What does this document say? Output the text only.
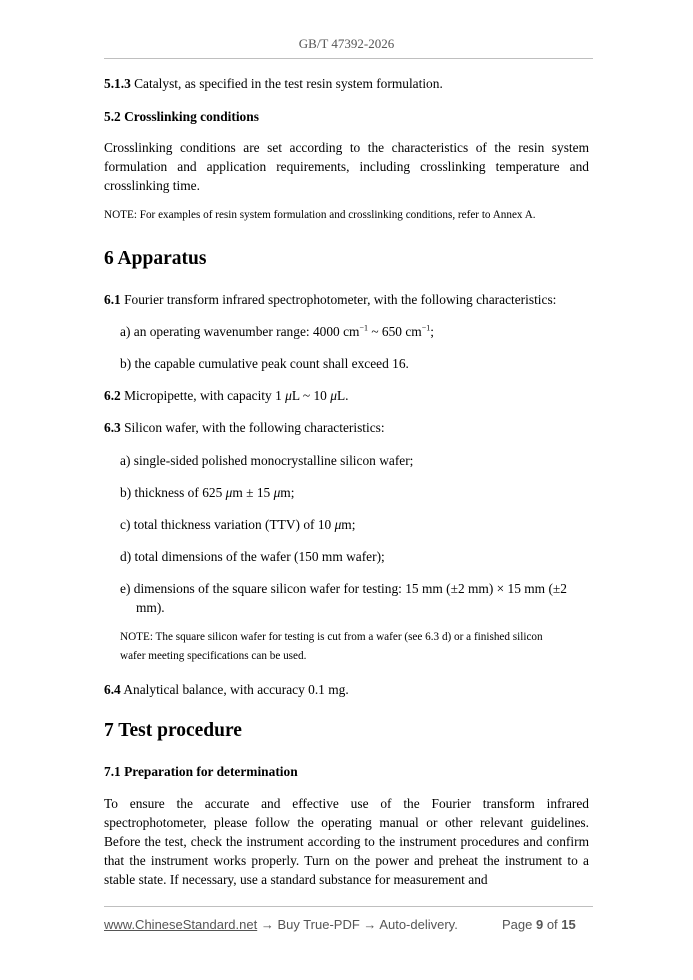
GB/T 47392-2026
5.1.3 Catalyst, as specified in the test resin system formulation.
5.2 Crosslinking conditions
Crosslinking conditions are set according to the characteristics of the resin system formulation and application requirements, including crosslinking temperature and crosslinking time.
NOTE: For examples of resin system formulation and crosslinking conditions, refer to Annex A.
6 Apparatus
6.1 Fourier transform infrared spectrophotometer, with the following characteristics:
a) an operating wavenumber range: 4000 $cm^{-1}$ ~ 650 $cm^{-1}$;
b) the capable cumulative peak count shall exceed 16.
6.2 Micropipette, with capacity 1 μL ~ 10 μL.
6.3 Silicon wafer, with the following characteristics:
a) single-sided polished monocrystalline silicon wafer;
b) thickness of 625 μm ± 15 μm;
c) total thickness variation (TTV) of 10 μm;
d) total dimensions of the wafer (150 mm wafer);
e) dimensions of the square silicon wafer for testing: 15 mm (±2 mm) × 15 mm (±2
mm).
NOTE: The square silicon wafer for testing is cut from a wafer (see 6.3 d) or a finished silicon
wafer meeting specifications can be used.
6.4 Analytical balance, with accuracy 0.1 mg.
7 Test procedure
7.1 Preparation for determination
To ensure the accurate and effective use of the Fourier transform infrared spectrophotometer, please follow the operating manual or other relevant guidelines. Before the test, check the instrument according to the instrument procedures and confirm that the instrument works properly. Turn on the power and preheat the instrument to a stable state. If necessary, use a standard substance for measurement and
www.ChineseStandard.net → Buy True-PDF → Auto-delivery.	Page 9 of 15
